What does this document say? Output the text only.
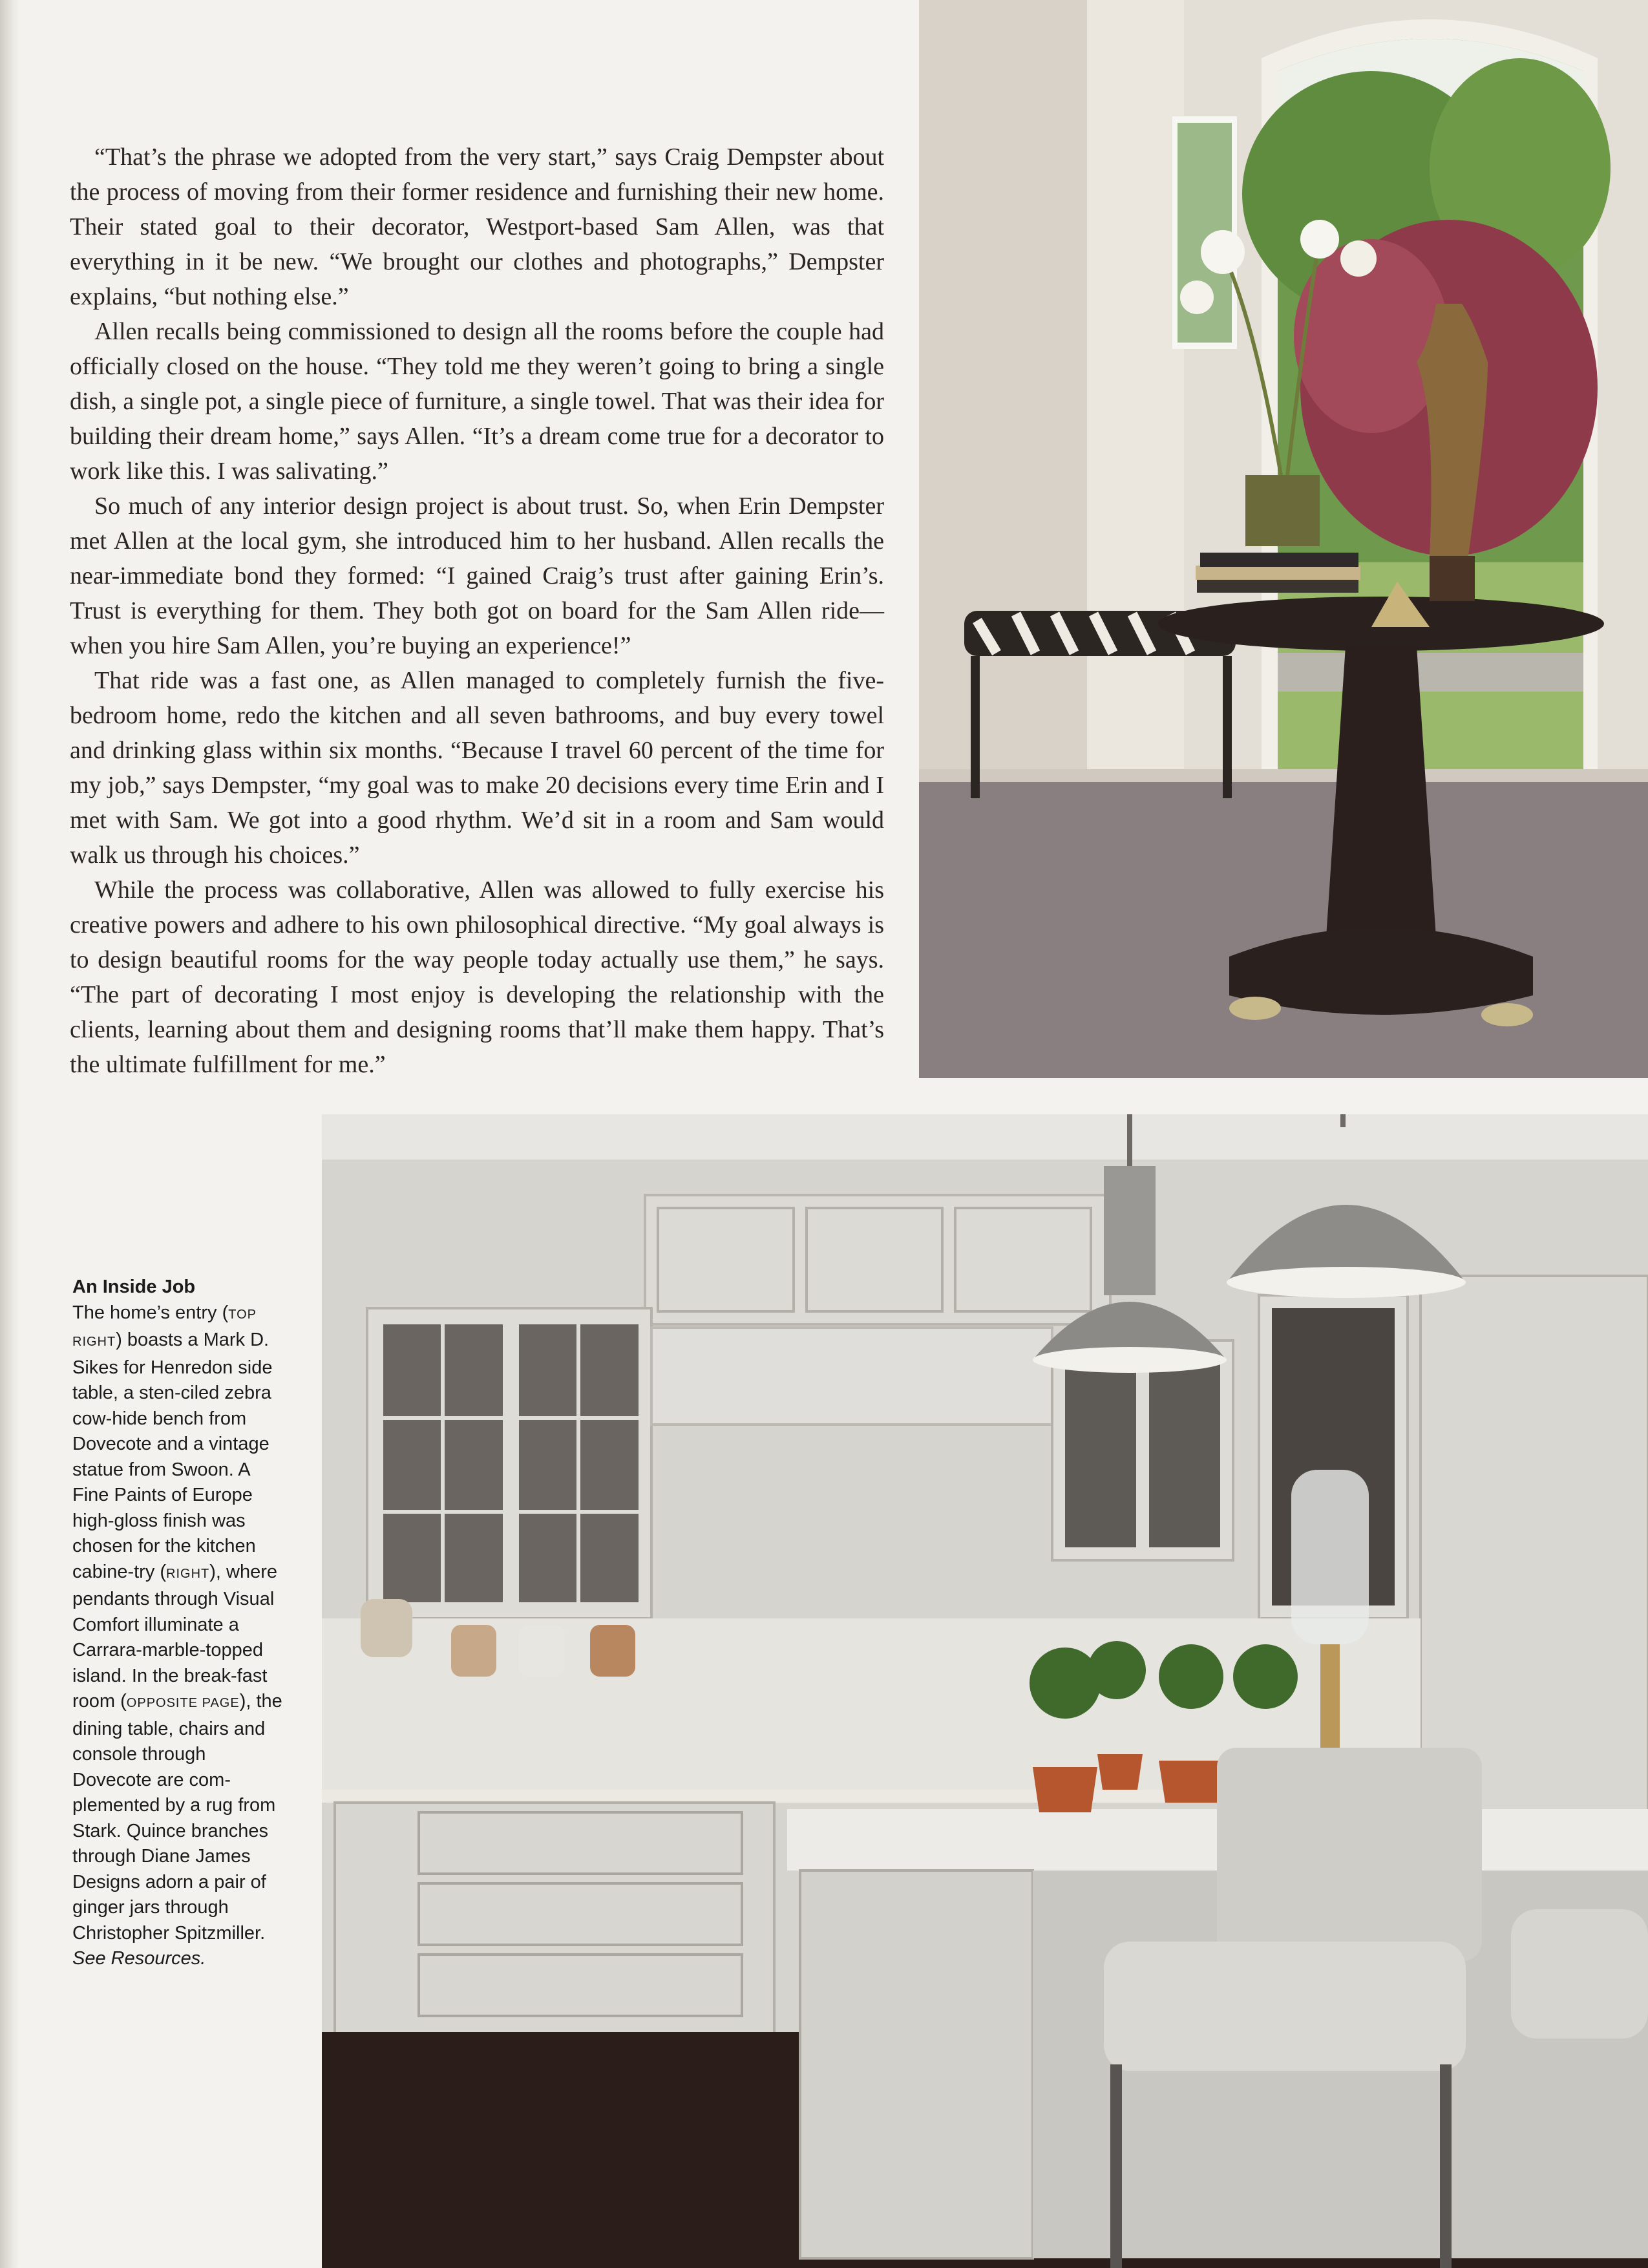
“That’s the phrase we adopted from the very start,” says Craig Dempster about the process of moving from their former residence and furnishing their new home. Their stated goal to their decorator, Westport-based Sam Allen, was that everything in it be new. “We brought our clothes and photographs,” Dempster explains, “but nothing else.”

Allen recalls being commissioned to design all the rooms before the couple had officially closed on the house. “They told me they weren’t going to bring a single dish, a single pot, a single piece of furniture, a single towel. That was their idea for building their dream home,” says Allen. “It’s a dream come true for a decorator to work like this. I was salivating.”

So much of any interior design project is about trust. So, when Erin Dempster met Allen at the local gym, she introduced him to her husband. Allen recalls the near-immediate bond they formed: “I gained Craig’s trust after gaining Erin’s. Trust is everything for them. They both got on board for the Sam Allen ride—when you hire Sam Allen, you’re buying an experience!”

That ride was a fast one, as Allen managed to completely furnish the five-bedroom home, redo the kitchen and all seven bathrooms, and buy every towel and drinking glass within six months. “Because I travel 60 percent of the time for my job,” says Dempster, “my goal was to make 20 decisions every time Erin and I met with Sam. We got into a good rhythm. We’d sit in a room and Sam would walk us through his choices.”

While the process was collaborative, Allen was allowed to fully exercise his creative powers and adhere to his own philosophical directive. “My goal always is to design beautiful rooms for the way people today actually use them,” he says. “The part of decorating I most enjoy is developing the relationship with the clients, learning about them and designing rooms that’ll make them happy. That’s the ultimate fulfillment for me.”

An Inside Job
The home’s entry (TOP RIGHT) boasts a Mark D. Sikes for Henredon side table, a sten-ciled zebra cow-hide bench from Dovecote and a vintage statue from Swoon. A Fine Paints of Europe high-gloss finish was chosen for the kitchen cabine-try (RIGHT), where pendants through Visual Comfort illuminate a Carrara-marble-topped island. In the break-fast room (OPPOSITE PAGE), the dining table, chairs and console through Dovecote are com-plemented by a rug from Stark. Quince branches through Diane James Designs adorn a pair of ginger jars through Christopher Spitzmiller. See Resources.
